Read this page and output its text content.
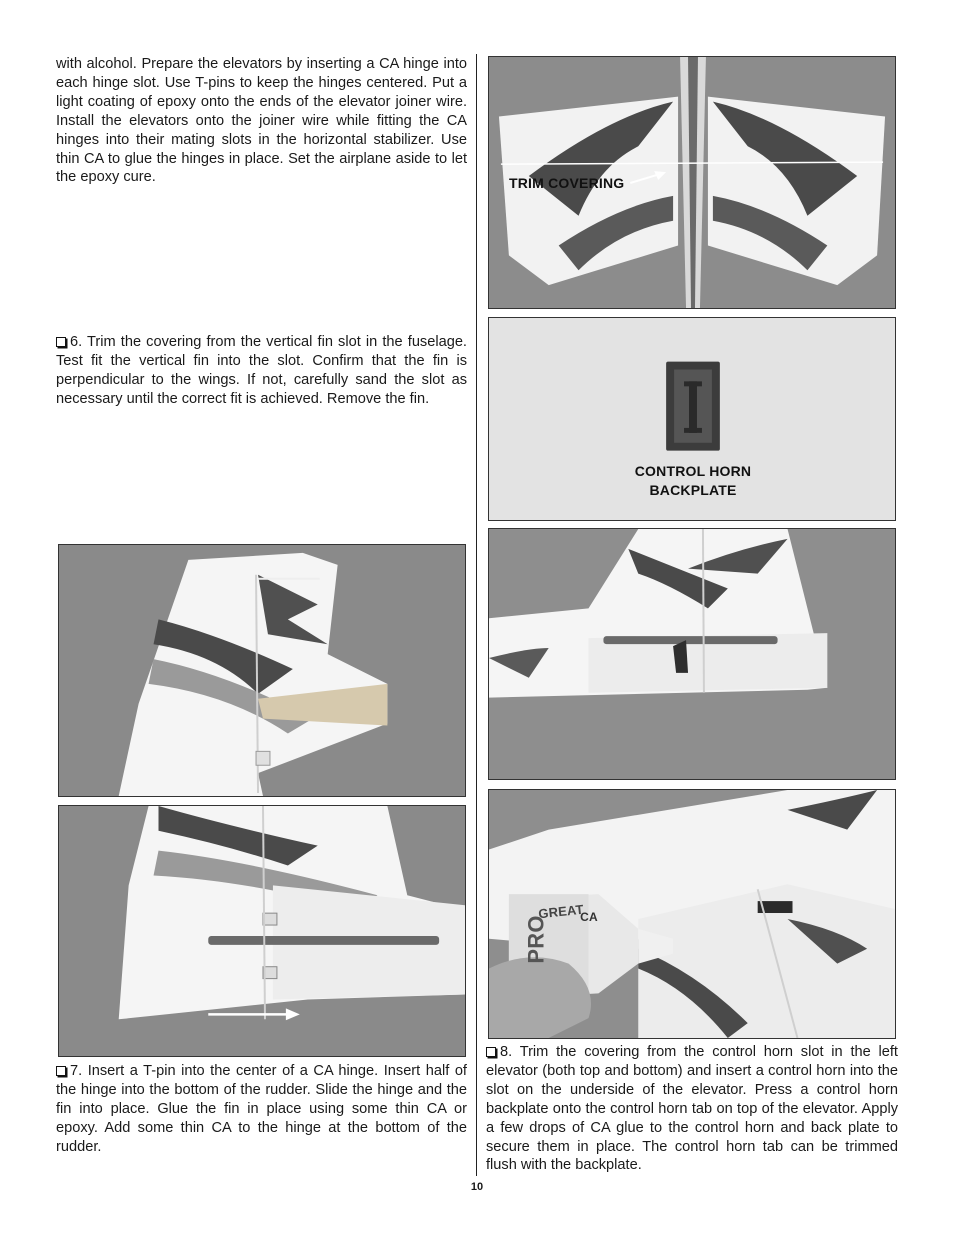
with alcohol. Prepare the elevators by inserting a CA hinge into each hinge slot. Use T-pins to keep the hinges centered. Put a light coating of epoxy onto the ends of the elevator joiner wire. Install the elevators onto the joiner wire while fitting the CA hinges into their mating slots in the horizontal stabilizer. Use thin CA to glue the hinges in place. Set the airplane aside to let the epoxy cure.

6. Trim the covering from the vertical fin slot in the fuselage. Test fit the vertical fin into the slot. Confirm that the fin is perpendicular to the wings. If not, carefully sand the slot as necessary until the correct fit is achieved. Remove the fin.

7. Insert a T-pin into the center of a CA hinge. Insert half of the hinge into the bottom of the rudder. Slide the hinge and the fin into place. Glue the fin in place using some thin CA or epoxy. Add some thin CA to the hinge at the bottom of the rudder.

8. Trim the covering from the control horn slot in the left elevator (both top and bottom) and insert a control horn into the slot on the underside of the elevator. Press a control horn backplate onto the control horn tab on top of the elevator. Apply a few drops of CA glue to the control horn and back plate to secure them in place. The control horn tab can be trimmed flush with the backplate.

TRIM COVERING
CONTROL HORN
BACKPLATE
GREAT
PRO	CA
10
